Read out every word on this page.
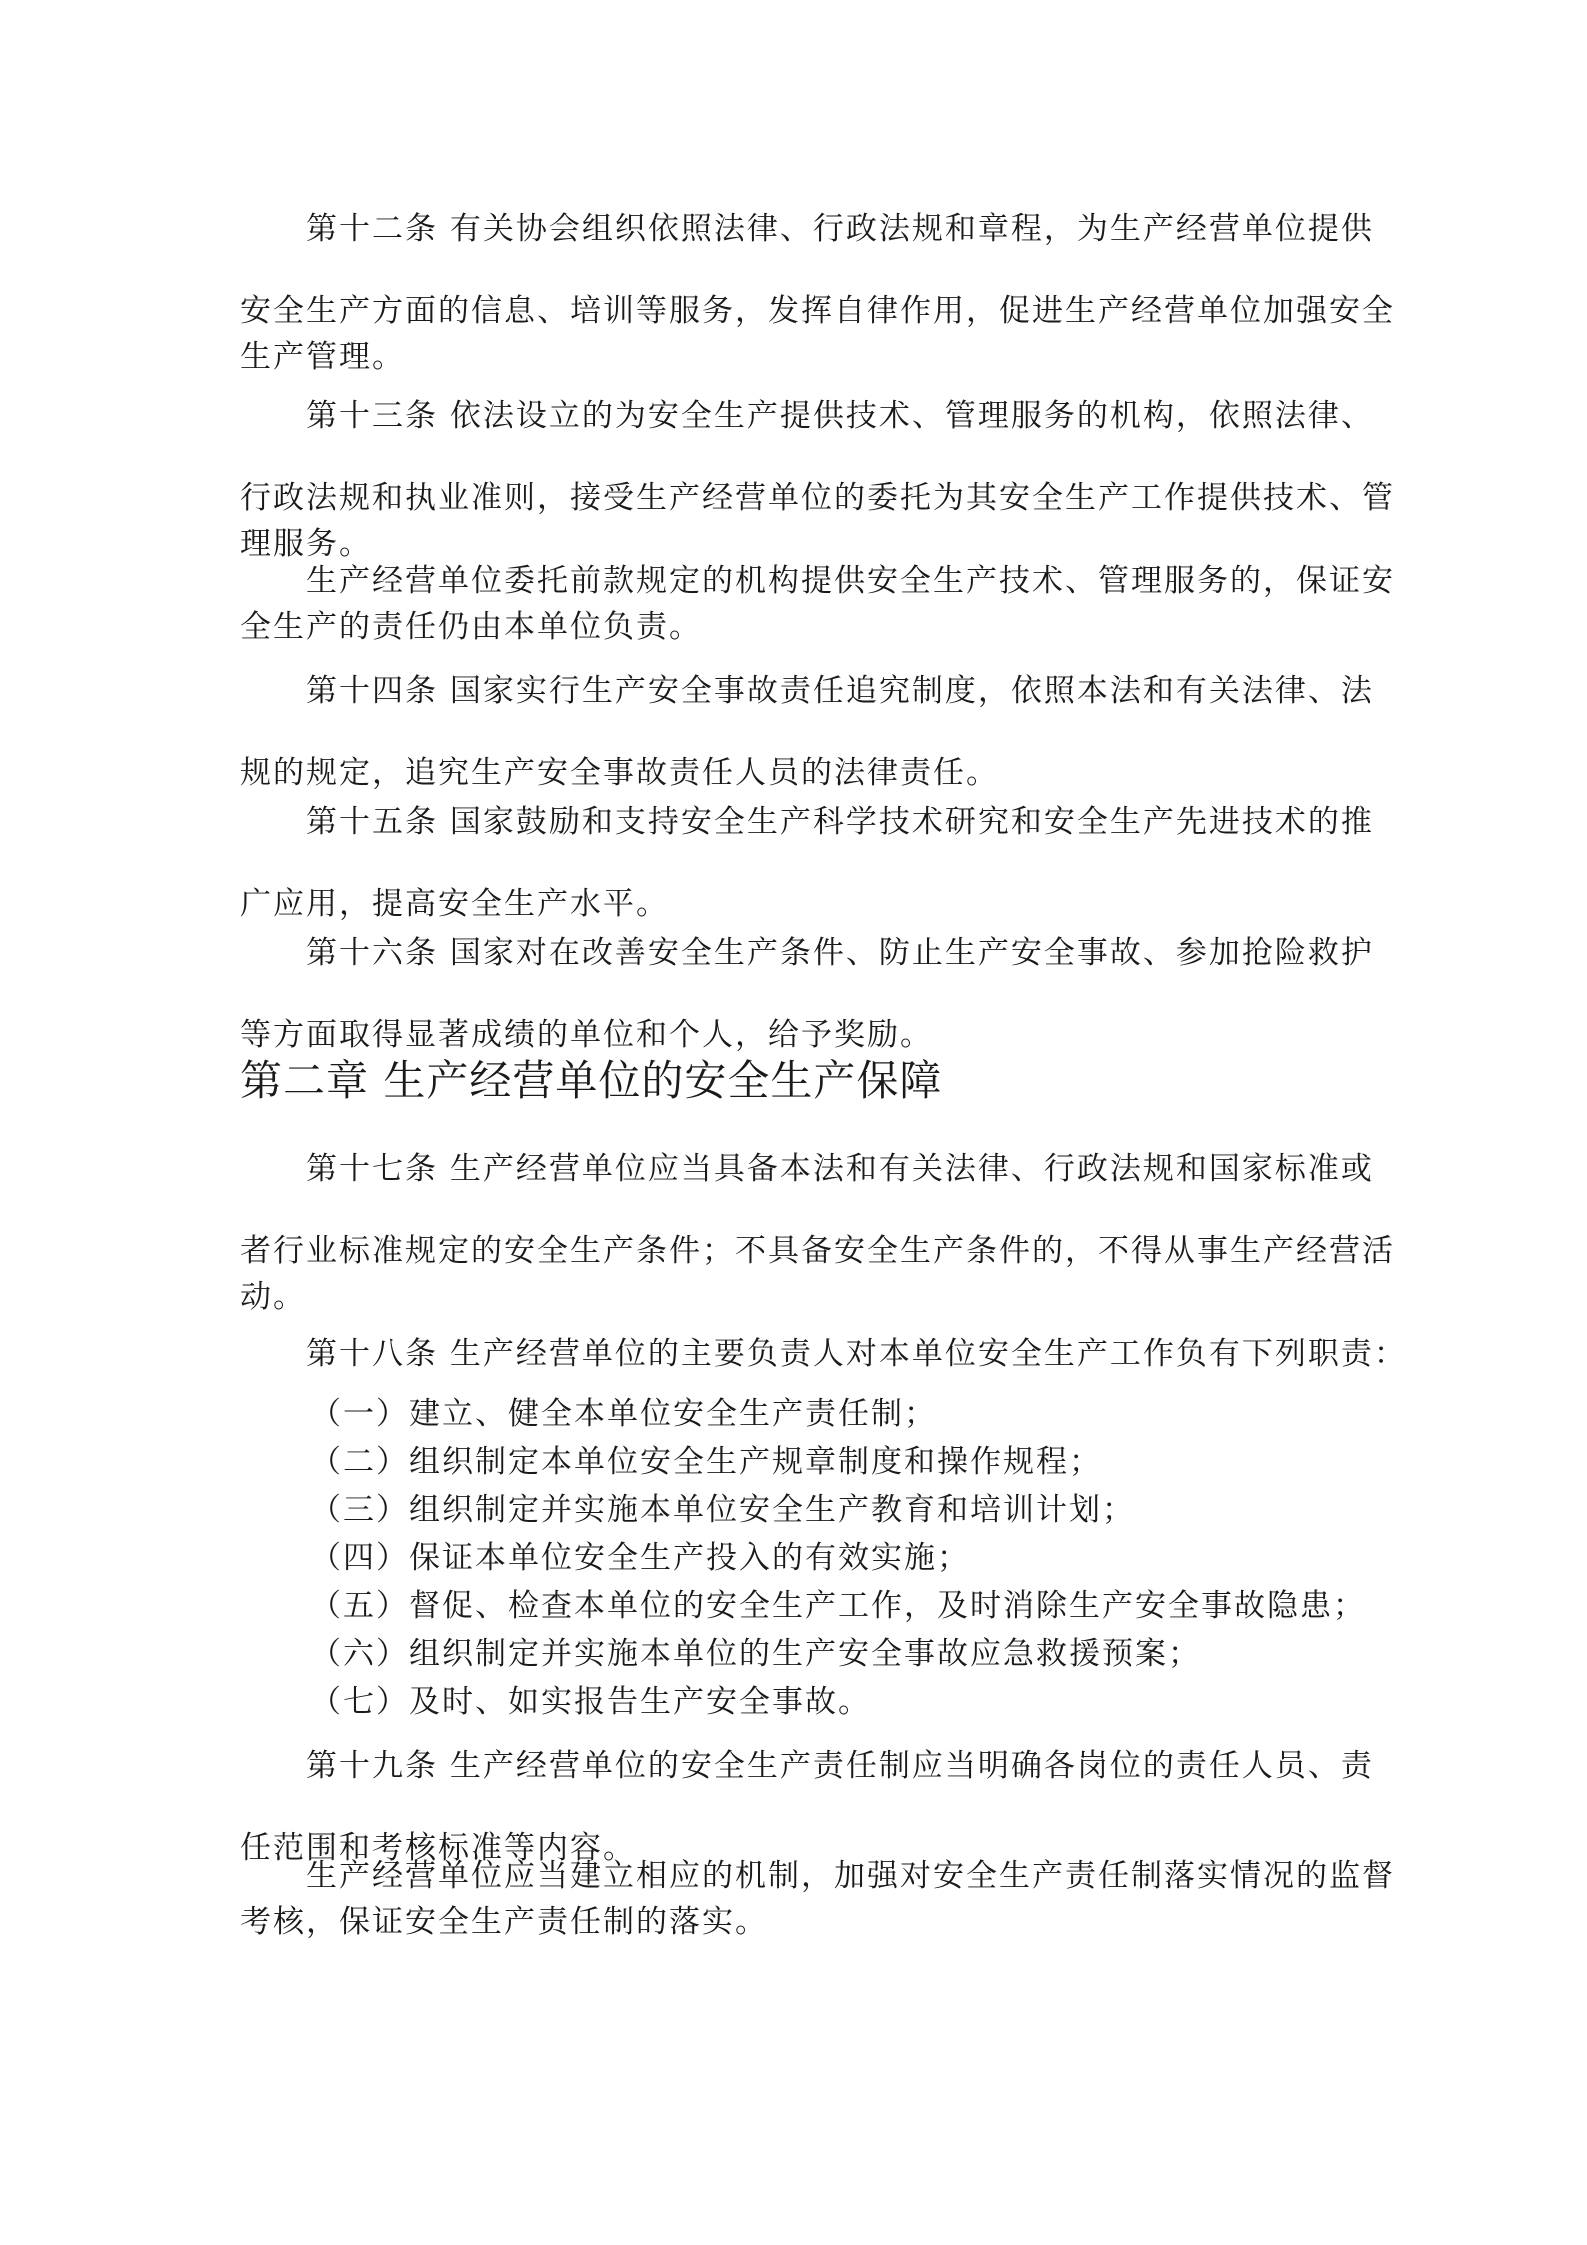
第十二条 有关协会组织依照法律、行政法规和章程，为生产经营单位提供
安全生产方面的信息、培训等服务，发挥自律作用，促进生产经营单位加强安全
生产管理。
第十三条 依法设立的为安全生产提供技术、管理服务的机构，依照法律、
行政法规和执业准则，接受生产经营单位的委托为其安全生产工作提供技术、管
理服务。
生产经营单位委托前款规定的机构提供安全生产技术、管理服务的，保证安
全生产的责任仍由本单位负责。
第十四条 国家实行生产安全事故责任追究制度，依照本法和有关法律、法
规的规定，追究生产安全事故责任人员的法律责任。
第十五条 国家鼓励和支持安全生产科学技术研究和安全生产先进技术的推
广应用，提高安全生产水平。
第十六条 国家对在改善安全生产条件、防止生产安全事故、参加抢险救护
等方面取得显著成绩的单位和个人，给予奖励。
第二章 生产经营单位的安全生产保障
第十七条 生产经营单位应当具备本法和有关法律、行政法规和国家标准或
者行业标准规定的安全生产条件；不具备安全生产条件的，不得从事生产经营活
动。
第十八条 生产经营单位的主要负责人对本单位安全生产工作负有下列职责：
（一）建立、健全本单位安全生产责任制；
（二）组织制定本单位安全生产规章制度和操作规程；
（三）组织制定并实施本单位安全生产教育和培训计划；
（四）保证本单位安全生产投入的有效实施；
（五）督促、检查本单位的安全生产工作，及时消除生产安全事故隐患；
（六）组织制定并实施本单位的生产安全事故应急救援预案；
（七）及时、如实报告生产安全事故。
第十九条 生产经营单位的安全生产责任制应当明确各岗位的责任人员、责
任范围和考核标准等内容。
生产经营单位应当建立相应的机制，加强对安全生产责任制落实情况的监督
考核，保证安全生产责任制的落实。
